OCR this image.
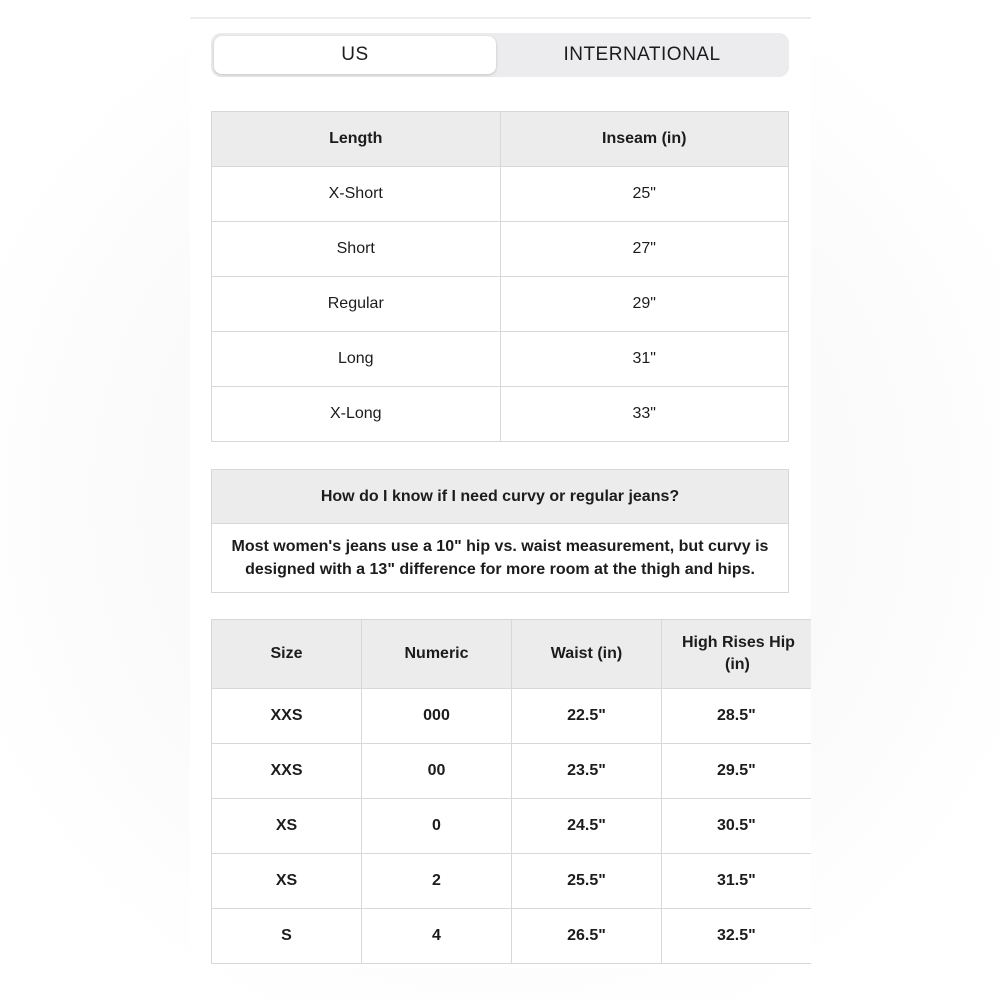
US	INTERNATIONAL
Length	Inseam (in)
X-Short	25"
Short	27"
Regular	29"
Long	31"
X-Long	33"
How do I know if I need curvy or regular jeans?
Most women's jeans use a 10" hip vs. waist measurement, but curvy is
designed with a 13" difference for more room at the thigh and hips.
Size	Numeric	Waist (in)	High Rises Hip
(in)
XXS	000	22.5"	28.5"
XXS	00	23.5"	29.5"
XS	0	24.5"	30.5"
XS	2	25.5"	31.5"
S	4	26.5"	32.5"
